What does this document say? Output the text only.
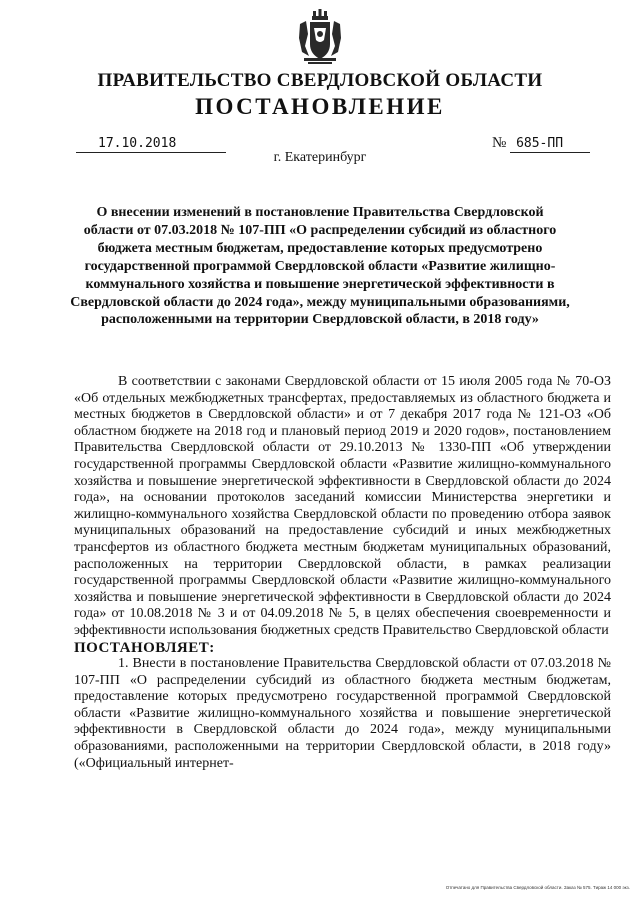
ПРАВИТЕЛЬСТВО СВЕРДЛОВСКОЙ ОБЛАСТИ
ПОСТАНОВЛЕНИЕ
17.10.2018	№ 685-ПП
г. Екатеринбург
О внесении изменений в постановление Правительства Свердловской области от 07.03.2018 № 107-ПП «О распределении субсидий из областного бюджета местным бюджетам, предоставление которых предусмотрено государственной программой Свердловской области «Развитие жилищно-коммунального хозяйства и повышение энергетической эффективности в Свердловской области до 2024 года», между муниципальными образованиями, расположенными на территории Свердловской области, в 2018 году»

В соответствии с законами Свердловской области от 15 июля 2005 года № 70-ОЗ «Об отдельных межбюджетных трансфертах, предоставляемых из областного бюджета и местных бюджетов в Свердловской области» и от 7 декабря 2017 года № 121-ОЗ «Об областном бюджете на 2018 год и плановый период 2019 и 2020 годов», постановлением Правительства Свердловской области от 29.10.2013 № 1330-ПП «Об утверждении государственной программы Свердловской области «Развитие жилищно-коммунального хозяйства и повышение энергетической эффективности в Свердловской области до 2024 года», на основании протоколов заседаний комиссии Министерства энергетики и жилищно-коммунального хозяйства Свердловской области по проведению отбора заявок муниципальных образований на предоставление субсидий и иных межбюджетных трансфертов из областного бюджета местным бюджетам муниципальных образований, расположенных на территории Свердловской области, в рамках реализации государственной программы Свердловской области «Развитие жилищно-коммунального хозяйства и повышение энергетической эффективности в Свердловской области до 2024 года» от 10.08.2018 № 3 и от 04.09.2018 № 5, в целях обеспечения своевременности и эффективности использования бюджетных средств Правительство Свердловской области

ПОСТАНОВЛЯЕТ:

1. Внести в постановление Правительства Свердловской области от 07.03.2018 № 107-ПП «О распределении субсидий из областного бюджета местным бюджетам, предоставление которых предусмотрено государственной программой Свердловской области «Развитие жилищно-коммунального хозяйства и повышение энергетической эффективности в Свердловской области до 2024 года», между муниципальными образованиями, расположенными на территории Свердловской области, в 2018 году» («Официальный интернет-

Отпечатано для Правительства Свердловской области. Заказ № 575. Тираж 14 000 экз.
